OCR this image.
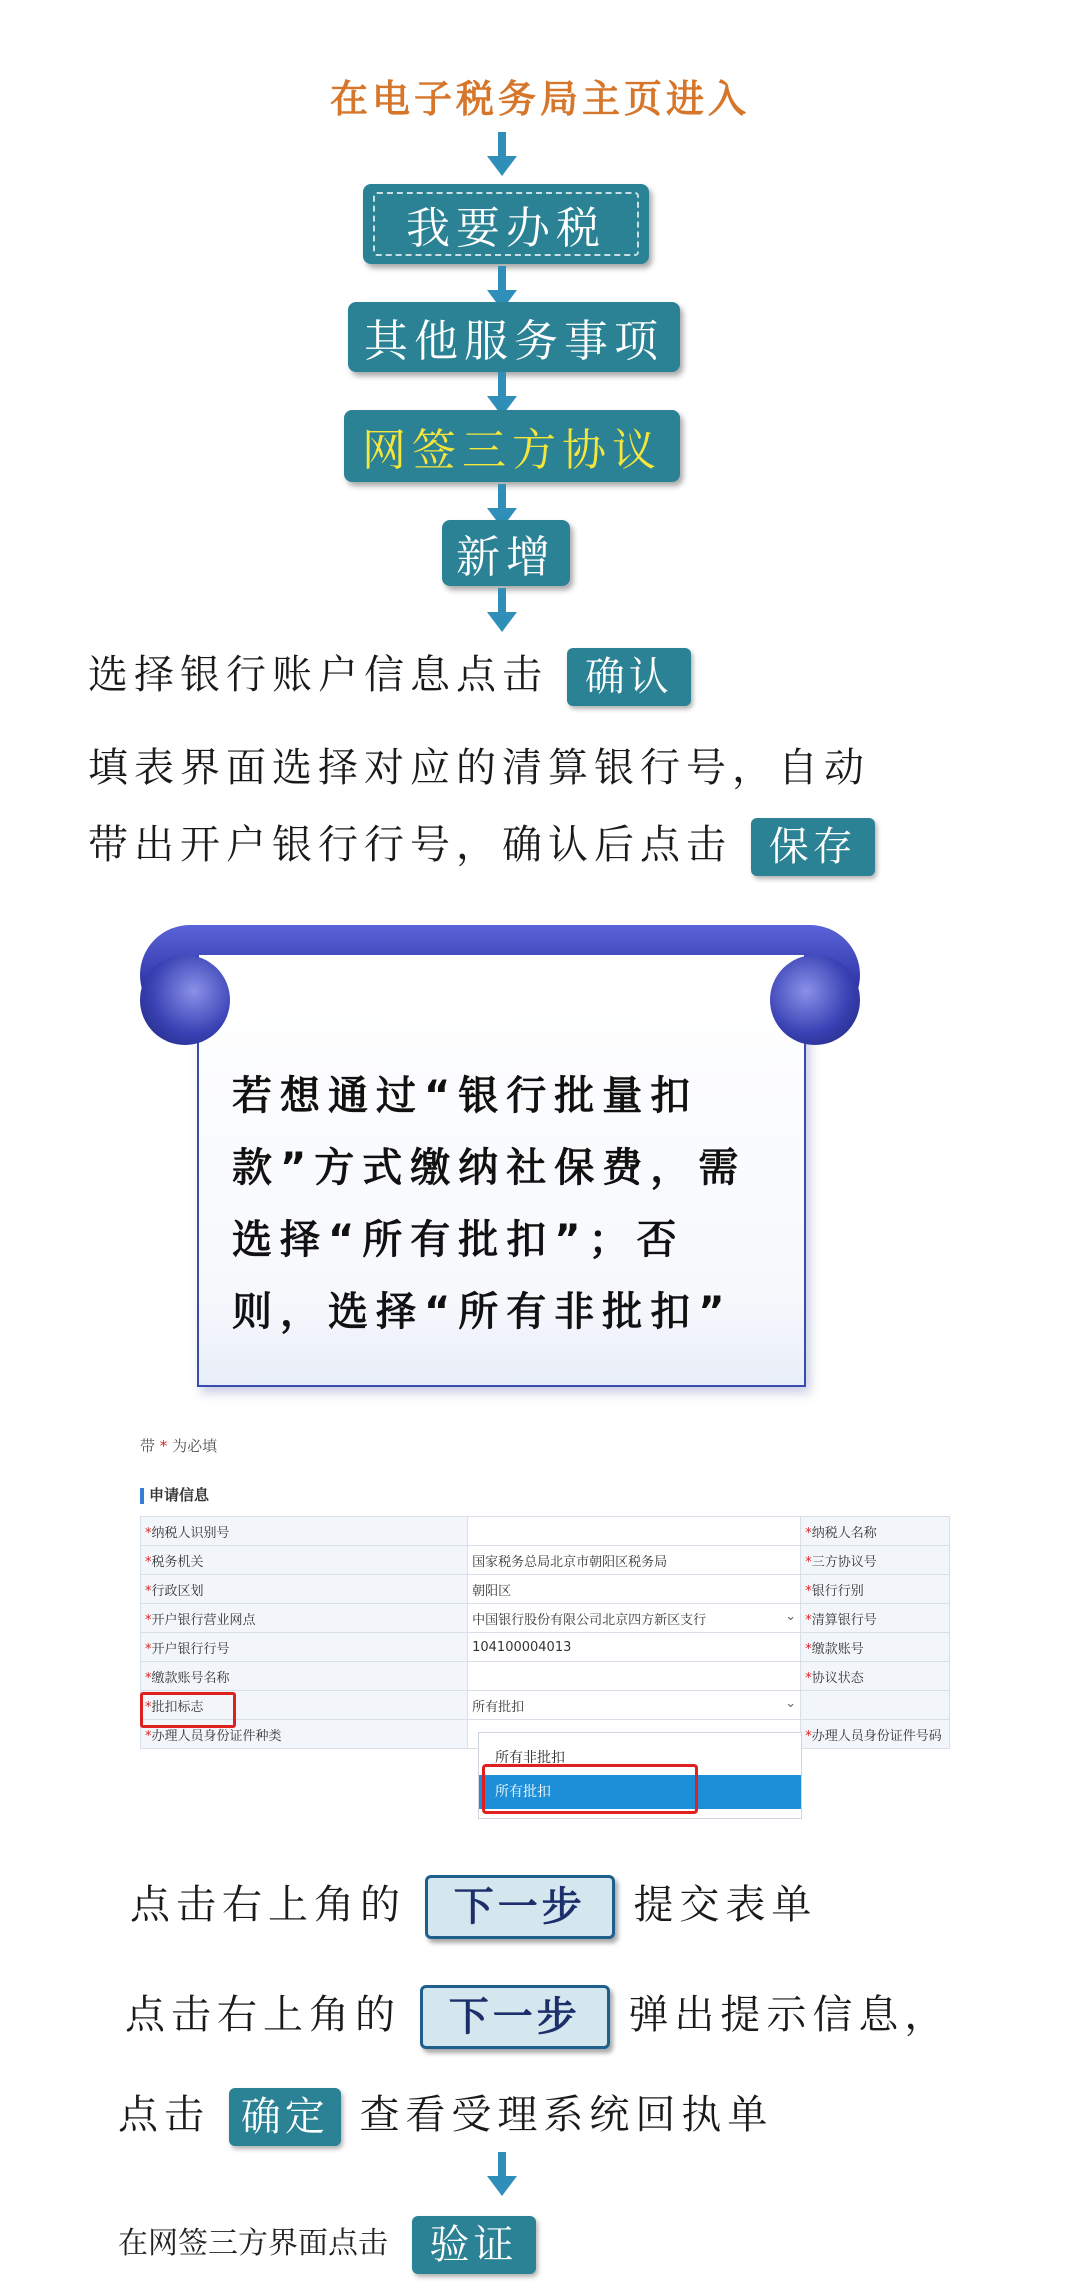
在电子税务局主页进入
我要办税
其他服务事项
网签三方协议
新增
选择银行账户信息点击 确认
填表界面选择对应的清算银行号，自动
带出开户银行行号，确认后点击 保存
若想通过“银行批量扣
款”方式缴纳社保费，需
选择“所有批扣”；否
则，选择“所有非批扣”
带 * 为必填
申请信息
*纳税人识别号		*纳税人名称
*税务机关	国家税务总局北京市朝阳区税务局	*三方协议号
*行政区划	朝阳区	*银行行别
*开户银行营业网点	中国银行股份有限公司北京四方新区支行 ⌄	*清算银行号
*开户银行行号	104100004013	*缴款账号
*缴款账号名称		*协议状态
*批扣标志	所有批扣 ⌄	

*办理人员身份证件种类		*办理人员身份证件号码
所有非批扣
所有批扣
点击右上角的 下一步 提交表单
点击右上角的 下一步 弹出提示信息，
点击 确定 查看受理系统回执单
在网签三方界面点击 验证
